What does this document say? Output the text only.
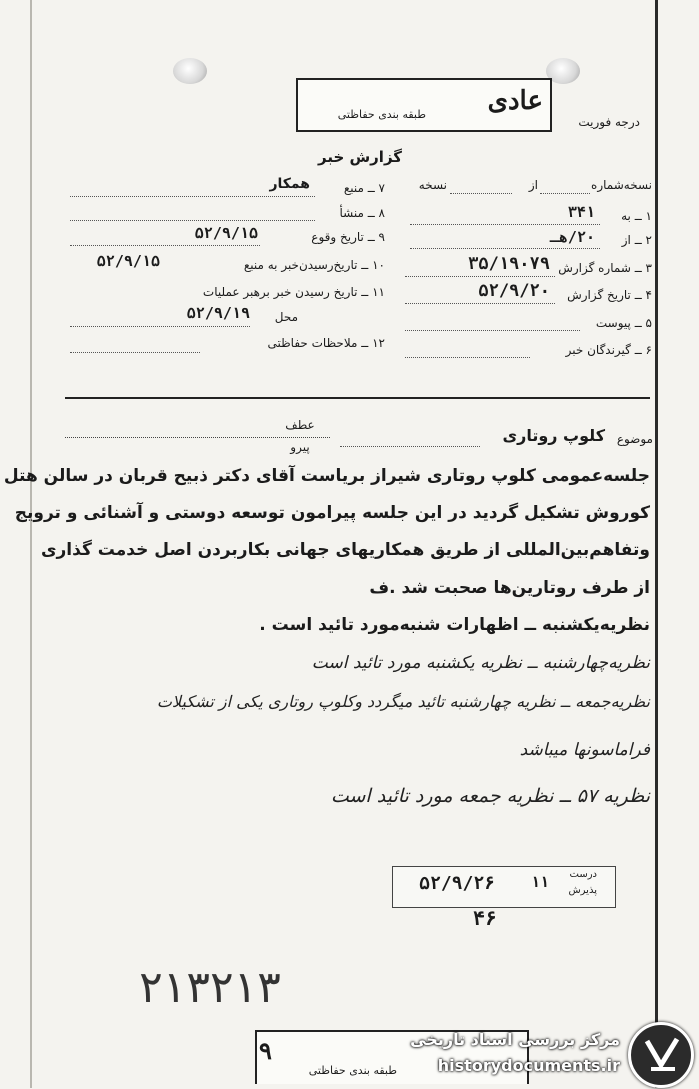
عادی
طبقه بندی حفاظتی
درجه فوریت
گزارش خبر
نسخه‌شماره
از
نسخه
۱ ــ به
۳۴۱
۲ ــ از
۲۰/هـ
۳ ــ شماره گزارش
۳۵/۱۹۰۷۹
۴ ــ تاریخ گزارش
۵۲/۹/۲۰
۵ ــ پیوست
۶ ــ گیرندگان خبر
۷ ــ منبع
همکار
۸ ــ منشأ
۹ ــ تاریخ وقوع
۵۲/۹/۱۵
۱۰ ــ تاریخ‌رسیدن‌خبر به منبع
۵۲/۹/۱۵
۱۱ ــ تاریخ رسیدن خبر برهبر عملیات
محل
۵۲/۹/۱۹
۱۲ ــ ملاحظات حفاظتی
عطف
پیرو
موضوع
کلوپ روتاری
جلسه‌عمومی کلوپ روتاری شیراز بریاست آقای دکتر ذبیح قربان در سالن هتل
کوروش تشکیل گردید در این جلسه پیرامون توسعه دوستی و آشنائی و ترویج
وتفاهم‌بین‌المللی از طریق همکاریهای جهانی بکاربردن اصل خدمت گذاری
از طرف روتارین‌ها صحبت شد .ف
نظریه‌یکشنبه ــ اظهارات شنبه‌مورد تائید است .
نظریه‌چهارشنبه ــ نظریه یکشنبه مورد تائید است
نظریه‌جمعه ــ نظریه چهارشنبه تائید میگردد وکلوپ روتاری یکی از تشکیلات
فراماسونها میباشد
نظریه ۵۷ ــ نظریه جمعه مورد تائید است
درست
پذیرش
۵۲/۹/۲۶	۱۱
۴۶
۲۱۳۲۱۳
۹
طبقه بندی حفاظتی
مرکز بررسی اسناد تاریخی
historydocuments.ir
